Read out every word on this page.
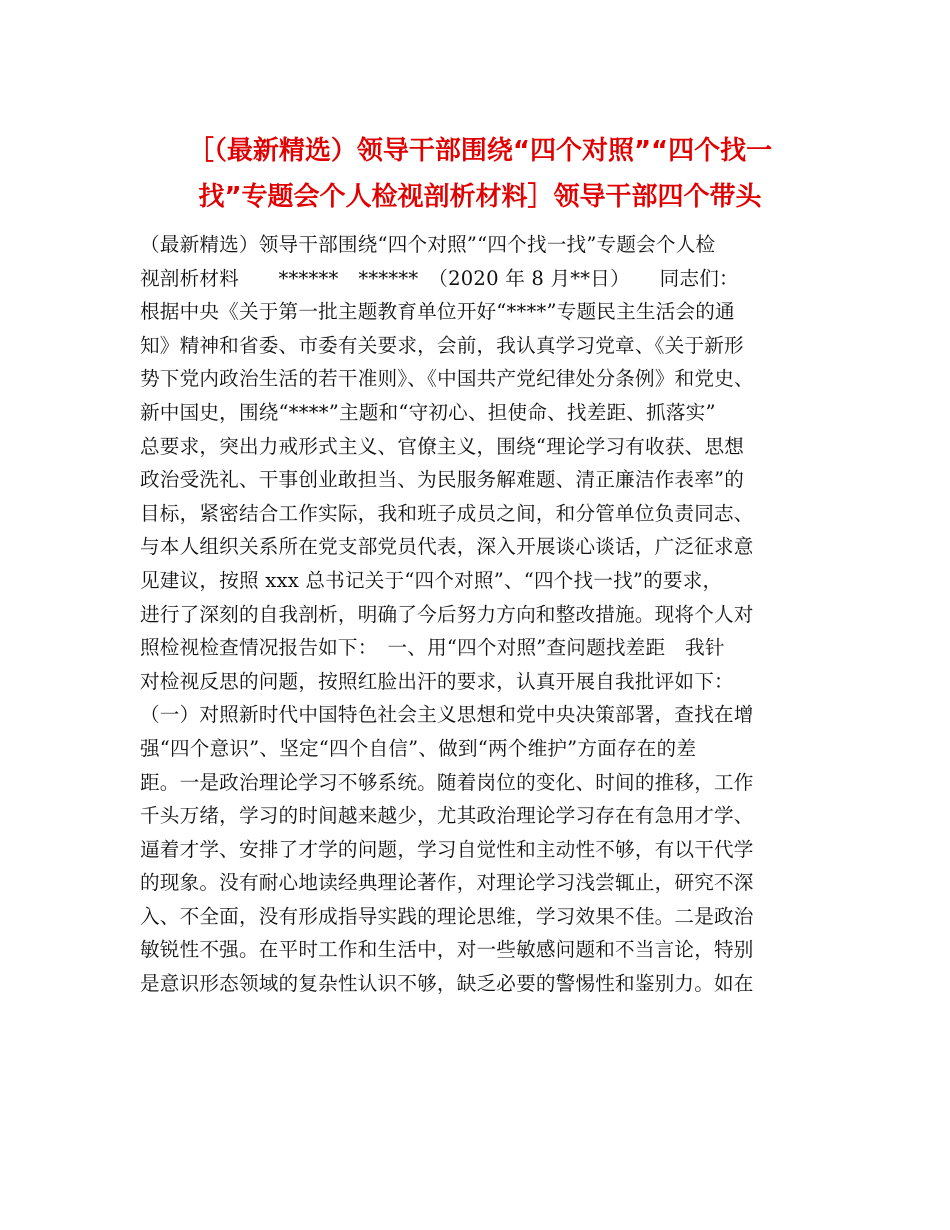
［（最新精选）领导干部围绕“四个对照”“四个找一
找”专题会个人检视剖析材料］领导干部四个带头
（最新精选）领导干部围绕“四个对照”“四个找一找”专题会个人检
视剖析材料　　******　******　（2020 年 8 月**日）　　同志们：
根据中央《关于第一批主题教育单位开好“****”专题民主生活会的通
知》精神和省委、市委有关要求，会前，我认真学习党章、《关于新形
势下党内政治生活的若干准则》、《中国共产党纪律处分条例》和党史、
新中国史，围绕“****”主题和“守初心、担使命、找差距、抓落实”
总要求，突出力戒形式主义、官僚主义，围绕“理论学习有收获、思想
政治受洗礼、干事创业敢担当、为民服务解难题、清正廉洁作表率”的
目标，紧密结合工作实际，我和班子成员之间，和分管单位负责同志、
与本人组织关系所在党支部党员代表，深入开展谈心谈话，广泛征求意
见建议，按照 xxx 总书记关于“四个对照”、“四个找一找”的要求，
进行了深刻的自我剖析，明确了今后努力方向和整改措施。现将个人对
照检视检查情况报告如下：　一、用“四个对照”查问题找差距　我针
对检视反思的问题，按照红脸出汗的要求，认真开展自我批评如下：
（一）对照新时代中国特色社会主义思想和党中央决策部署，查找在增
强“四个意识”、坚定“四个自信”、做到“两个维护”方面存在的差
距。一是政治理论学习不够系统。随着岗位的变化、时间的推移，工作
千头万绪，学习的时间越来越少，尤其政治理论学习存在有急用才学、
逼着才学、安排了才学的问题，学习自觉性和主动性不够，有以干代学
的现象。没有耐心地读经典理论著作，对理论学习浅尝辄止，研究不深
入、不全面，没有形成指导实践的理论思维，学习效果不佳。二是政治
敏锐性不强。在平时工作和生活中，对一些敏感问题和不当言论，特别
是意识形态领域的复杂性认识不够，缺乏必要的警惕性和鉴别力。如在
